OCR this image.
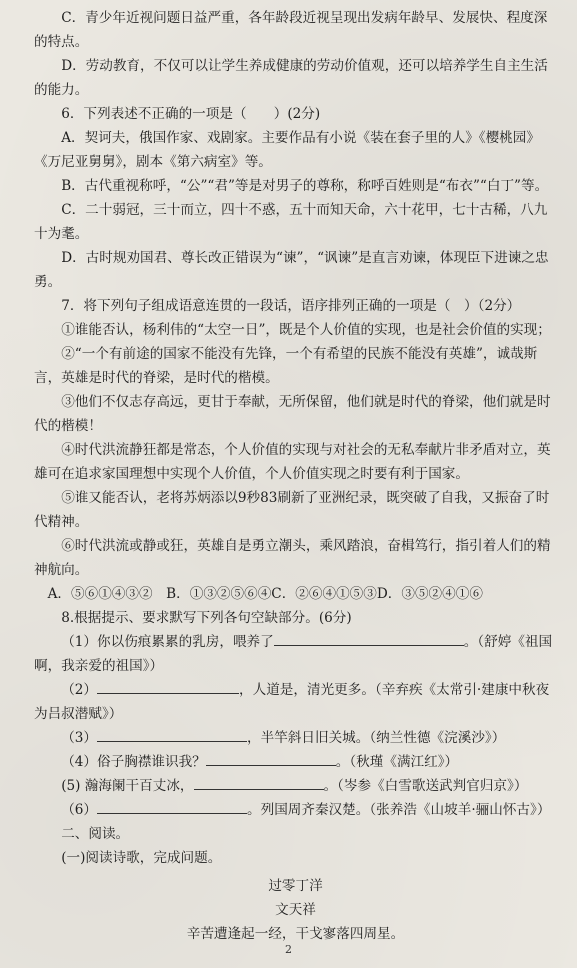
C．青少年近视问题日益严重，各年龄段近视呈现出发病年龄早、发展快、程度深的特点。

D．劳动教育，不仅可以让学生养成健康的劳动价值观，还可以培养学生自主生活的能力。

6．下列表述不正确的一项是（　　）(2分)

A．契诃夫，俄国作家、戏剧家。主要作品有小说《装在套子里的人》《樱桃园》《万尼亚舅舅》，剧本《第六病室》等。

B．古代重视称呼，“公”“君”等是对男子的尊称，称呼百姓则是“布衣”“白丁”等。

C．二十弱冠，三十而立，四十不惑，五十而知天命，六十花甲，七十古稀，八九十为耄。

D．古时规劝国君、尊长改正错误为“谏”，“讽谏”是直言劝谏，体现臣下进谏之忠勇。

7．将下列句子组成语意连贯的一段话，语序排列正确的一项是（　）（2分）

①谁能否认，杨利伟的“太空一日”，既是个人价值的实现，也是社会价值的实现；

②“一个有前途的国家不能没有先锋，一个有希望的民族不能没有英雄”，诚哉斯言，英雄是时代的脊梁，是时代的楷模。

③他们不仅志存高远，更甘于奉献，无所保留，他们就是时代的脊梁，他们就是时代的楷模！

④时代洪流静狂都是常态，个人价值的实现与对社会的无私奉献片非矛盾对立，英雄可在追求家国理想中实现个人价值，个人价值实现之时要有利于国家。

⑤谁又能否认，老将苏炳添以9秒83刷新了亚洲纪录，既突破了自我，又振奋了时代精神。

⑥时代洪流或静或狂，英雄自是勇立潮头，乘风踏浪，奋楫笃行，指引着人们的精神航向。

A．⑤⑥①④③②　B．①③②⑤⑥④C．②⑥④①⑤③D．③⑤②④①⑥

8.根据提示、要求默写下列各句空缺部分。(6分)

（1）你以伤痕累累的乳房，喂养了	。（舒婷《祖国啊，我亲爱的祖国》）

（2）	，人道是，清光更多。（辛弃疾《太常引·建康中秋夜为吕叔潜赋》）

（3）	，半竿斜日旧关城。（纳兰性德《浣溪沙》）

（4）俗子胸襟谁识我？	。（秋瑾《满江红》）

(5) 瀚海阑干百丈冰，	。（岑参《白雪歌送武判官归京》）

（6）	。列国周齐秦汉楚。（张养浩《山坡羊·骊山怀古》）

二、阅读。

(一)阅读诗歌，完成问题。

过零丁洋

文天祥

辛苦遭逢起一经，干戈寥落四周星。

2
